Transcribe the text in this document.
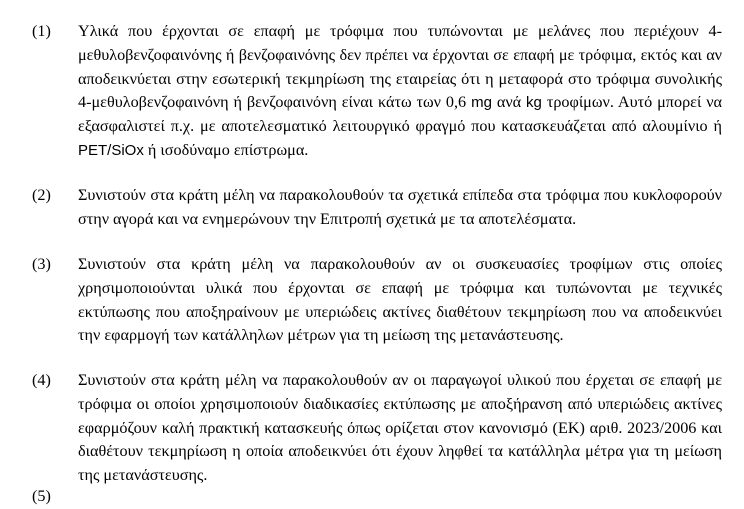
(1) Υλικά που έρχονται σε επαφή με τρόφιμα που τυπώνονται με μελάνες που περιέχουν 4-μεθυλοβενζοφαινόνης ή βενζοφαινόνης δεν πρέπει να έρχονται σε επαφή με τρόφιμα, εκτός και αν αποδεικνύεται στην εσωτερική τεκμηρίωση της εταιρείας ότι η μεταφορά στο τρόφιμα συνολικής 4-μεθυλοβενζοφαινόνη ή βενζοφαινόνη είναι κάτω των 0,6 mg ανά kg τροφίμων. Αυτό μπορεί να εξασφαλιστεί π.χ. με αποτελεσματικό λειτουργικό φραγμό που κατασκευάζεται από αλουμίνιο ή PET/SiOx ή ισοδύναμο επίστρωμα.
(2) Συνιστούν στα κράτη μέλη να παρακολουθούν τα σχετικά επίπεδα στα τρόφιμα που κυκλοφορούν στην αγορά και να ενημερώνουν την Επιτροπή σχετικά με τα αποτελέσματα.
(3) Συνιστούν στα κράτη μέλη να παρακολουθούν αν οι συσκευασίες τροφίμων στις οποίες χρησιμοποιούνται υλικά που έρχονται σε επαφή με τρόφιμα και τυπώνονται με τεχνικές εκτύπωσης που αποξηραίνουν με υπεριώδεις ακτίνες διαθέτουν τεκμηρίωση που να αποδεικνύει την εφαρμογή των κατάλληλων μέτρων για τη μείωση της μετανάστευσης.
(4) Συνιστούν στα κράτη μέλη να παρακολουθούν αν οι παραγωγοί υλικού που έρχεται σε επαφή με τρόφιμα οι οποίοι χρησιμοποιούν διαδικασίες εκτύπωσης με αποξήρανση από υπεριώδεις ακτίνες εφαρμόζουν καλή πρακτική κατασκευής όπως ορίζεται στον κανονισμό (ΕΚ) αριθ. 2023/2006 και διαθέτουν τεκμηρίωση η οποία αποδεικνύει ότι έχουν ληφθεί τα κατάλληλα μέτρα για τη μείωση της μετανάστευσης.
(5)
